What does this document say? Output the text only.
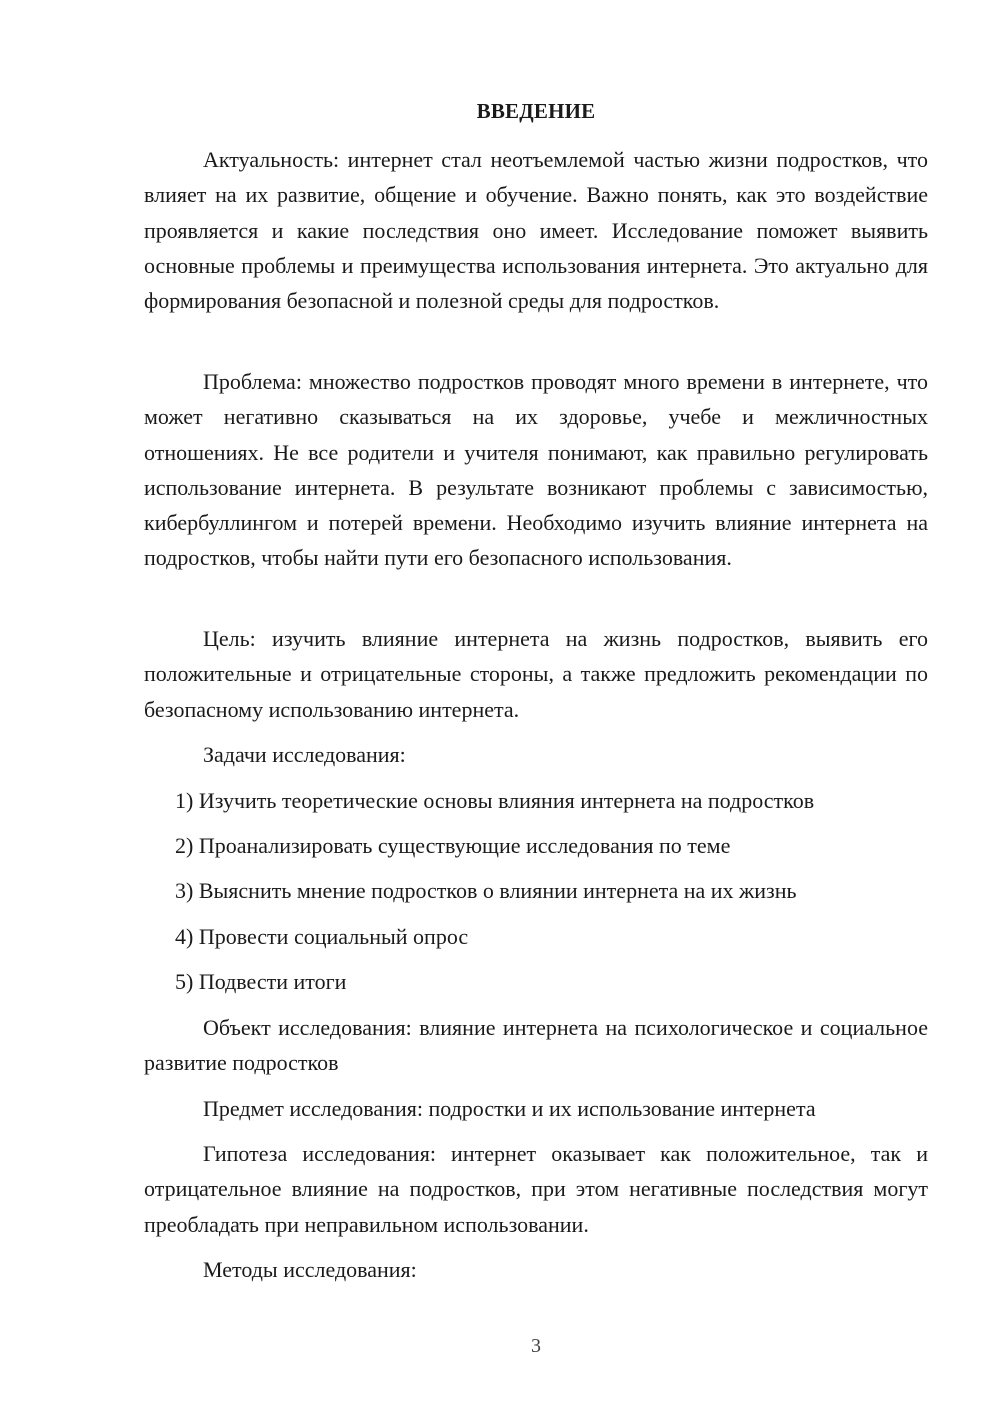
ВВЕДЕНИЕ

Актуальность: интернет стал неотъемлемой частью жизни подростков, что влияет на их развитие, общение и обучение. Важно понять, как это воздействие проявляется и какие последствия оно имеет. Исследование поможет выявить основные проблемы и преимущества использования интернета. Это актуально для формирования безопасной и полезной среды для подростков.

Проблема: множество подростков проводят много времени в интернете, что может негативно сказываться на их здоровье, учебе и межличностных отношениях. Не все родители и учителя понимают, как правильно регулировать использование интернета. В результате возникают проблемы с зависимостью, кибербуллингом и потерей времени. Необходимо изучить влияние интернета на подростков, чтобы найти пути его безопасного использования.

Цель: изучить влияние интернета на жизнь подростков, выявить его положительные и отрицательные стороны, а также предложить рекомендации по безопасному использованию интернета.

Задачи исследования:

1) Изучить теоретические основы влияния интернета на подростков

2) Проанализировать существующие исследования по теме

3) Выяснить мнение подростков о влиянии интернета на их жизнь

4) Провести социальный опрос

5) Подвести итоги

Объект исследования: влияние интернета на психологическое и социальное развитие подростков

Предмет исследования: подростки и их использование интернета

Гипотеза исследования: интернет оказывает как положительное, так и отрицательное влияние на подростков, при этом негативные последствия могут преобладать при неправильном использовании.

Методы исследования:

3
